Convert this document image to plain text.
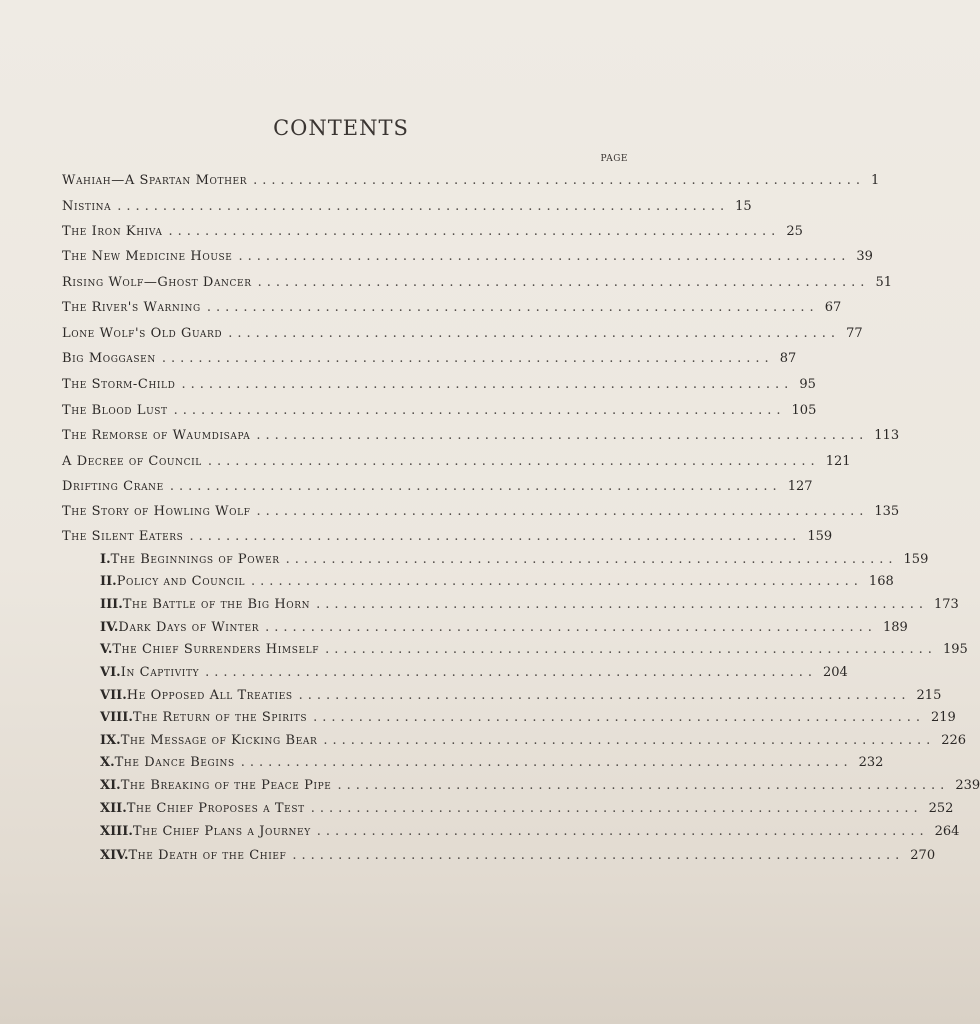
CONTENTS
PAGE
Wahiah—A Spartan Mother ................................................................... 1
Nistina ................................................................... 15
The Iron Khiva ................................................................... 25
The New Medicine House ................................................................... 39
Rising Wolf—Ghost Dancer ................................................................... 51
The River's Warning ................................................................... 67
Lone Wolf's Old Guard ................................................................... 77
Big Moggasen ................................................................... 87
The Storm-Child ................................................................... 95
The Blood Lust ................................................................... 105
The Remorse of Waumdisapa ................................................................... 113
A Decree of Council ................................................................... 121
Drifting Crane ................................................................... 127
The Story of Howling Wolf ................................................................... 135
The Silent Eaters ................................................................... 159
I. The Beginnings of Power ................................................................... 159
II. Policy and Council ................................................................... 168
III. The Battle of the Big Horn ................................................................... 173
IV. Dark Days of Winter ................................................................... 189
V. The Chief Surrenders Himself ................................................................... 195
VI. In Captivity ................................................................... 204
VII. He Opposed All Treaties ................................................................... 215
VIII. The Return of the Spirits ................................................................... 219
IX. The Message of Kicking Bear ................................................................... 226
X. The Dance Begins ................................................................... 232
XI. The Breaking of the Peace Pipe ................................................................... 239
XII. The Chief Proposes a Test ................................................................... 252
XIII. The Chief Plans a Journey ................................................................... 264
XIV. The Death of the Chief ................................................................... 270
